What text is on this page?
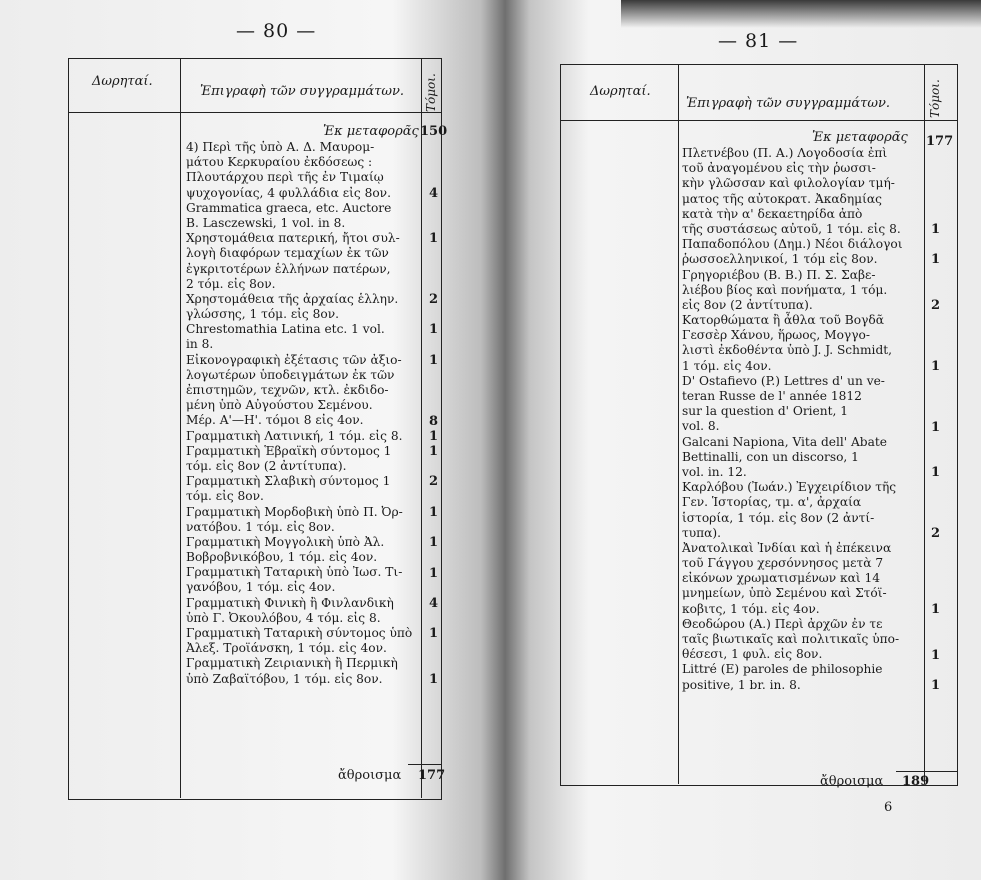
— 80 —
Δωρηταί.
Ἐπιγραφὴ τῶν συγγραμμάτων. Τόμοι.
Ἐκ μεταφορᾶς 150
4) Περὶ τῆς ὑπὸ Α. Δ. Μαυρομ-
μάτου Κερκυραίου ἐκδόσεως :
Πλουτάρχου περὶ τῆς ἐν Τιμαίῳ
ψυχογονίας, 4 φυλλάδια εἰς 8ον.
Grammatica graeca, etc. Auctore
B. Lasczewski, 1 vol. in 8.
Χρηστομάθεια πατερική, ἤτοι συλ-
λογὴ διαφόρων τεμαχίων ἐκ τῶν
ἐγκριτοτέρων ἑλλήνων πατέρων,
2 τόμ. εἰς 8ον.
Χρηστομάθεια τῆς ἀρχαίας ἑλλην.
γλώσσης, 1 τόμ. εἰς 8ον.
Chrestomathia Latina etc. 1 vol.
in 8.
Εἰκονογραφικὴ ἐξέτασις τῶν ἀξιο-
λογωτέρων ὑποδειγμάτων ἐκ τῶν
ἐπιστημῶν, τεχνῶν, κτλ. ἐκδιδο-
μένη ὑπὸ Αὐγούστου Σεμένου.
Μέρ. Α'—Η'. τόμοι 8 εἰς 4ον.
Γραμματικὴ Λατινική, 1 τόμ. εἰς 8.
Γραμματικὴ Ἑβραϊκὴ σύντομος 1
τόμ. εἰς 8ον (2 ἀντίτυπα).
Γραμματικὴ Σλαβικὴ σύντομος 1
τόμ. εἰς 8ον.
Γραμματικὴ Μορδοβικὴ ὑπὸ Π. Ὀρ-
νατόβου. 1 τόμ. εἰς 8ον.
Γραμματικὴ Μογγολικὴ ὑπὸ Ἀλ.
Βοβροβνικόβου, 1 τόμ. εἰς 4ον.
Γραμματικὴ Ταταρικὴ ὑπὸ Ἰωσ. Τι-
γανόβου, 1 τόμ. εἰς 4ον.
Γραμματικὴ Φινικὴ ἢ Φινλανδικὴ
ὑπὸ Γ. Ὀκουλόβου, 4 τόμ. εἰς 8.
Γραμματικὴ Ταταρικὴ σύντομος ὑπὸ
Ἀλεξ. Τροϊάνσκη, 1 τόμ. εἰς 4ον.
Γραμματικὴ Ζειριανικὴ ἢ Περμικὴ
ὑπὸ Ζαβαϊτόβου, 1 τόμ. εἰς 8ον.
4
1
2
1
1
8
1
1
2
1
1
1
4
1
1
ἄθροισμα 177
— 81 —
Δωρηταί.
Ἐπιγραφὴ τῶν συγγραμμάτων.	Τόμοι.
Ἐκ μεταφορᾶς 177
Πλετνέβου (Π. Α.) Λογοδοσία ἐπὶ
τοῦ ἀναγομένου εἰς τὴν ῥωσσι-
κὴν γλῶσσαν καὶ φιλολογίαν τμή-
ματος τῆς αὐτοκρατ. Ἀκαδημίας
κατὰ τὴν α' δεκαετηρίδα ἀπὸ
τῆς συστάσεως αὐτοῦ, 1 τόμ. εἰς 8.
Παπαδοπόλου (Δημ.) Νέοι διάλογοι
ῥωσσοελληνικοί, 1 τόμ εἰς 8ον.
Γρηγοριέβου (Β. Β.) Π. Σ. Σαβε-
λιέβου βίος καὶ πονήματα, 1 τόμ.
εἰς 8ον (2 ἀντίτυπα).
Κατορθώματα ἢ ἆθλα τοῦ Βογδᾶ
Γεσσὲρ Χάνου, ἥρωος, Μογγο-
λιστὶ ἐκδοθέντα ὑπὸ J. J. Schmidt,
1 τόμ. εἰς 4ον.
D' Ostafievo (P.) Lettres d' un ve-
teran Russe de l' année 1812
sur la question d' Orient, 1
vol. 8.
Galcani Napiona, Vita dell' Abate
Bettinalli, con un discorso, 1
vol. in. 12.
Καρλόβου (Ἰωάν.) Ἐγχειρίδιον τῆς
Γεν. Ἱστορίας, τμ. α', ἀρχαία
ἱστορία, 1 τόμ. εἰς 8ον (2 ἀντί-
τυπα).
Ἀνατολικαὶ Ἰνδίαι καὶ ἡ ἐπέκεινα
τοῦ Γάγγου χερσόννησος μετὰ 7
εἰκόνων χρωματισμένων καὶ 14
μνημείων, ὑπὸ Σεμένου καὶ Στόϊ-
κοβιτς, 1 τόμ. εἰς 4ον.
Θεοδώρου (Α.) Περὶ ἀρχῶν ἐν τε
ταῖς βιωτικαῖς καὶ πολιτικαῖς ὑπο-
θέσεσι, 1 φυλ. εἰς 8ον.
Littré (E) paroles de philosophie
positive, 1 br. in. 8.
1
1
2
1
1
1
2
1
1
1
ἄθροισμα 189
6
